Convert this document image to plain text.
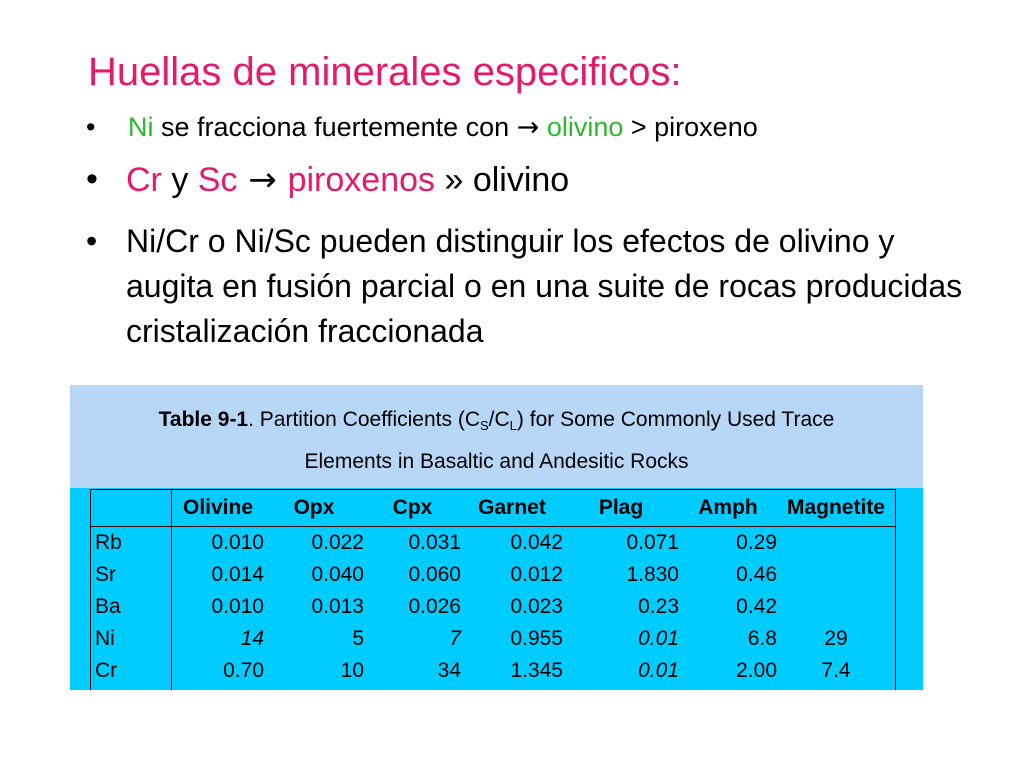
Huellas de minerales especificos:
• Ni se fracciona fuertemente con → olivino > piroxeno
• Cr y Sc → piroxenos » olivino
• Ni/Cr o Ni/Sc pueden distinguir los efectos de olivino y augita en fusión parcial o en una suite de rocas producidas cristalización fraccionada
Table 9-1. Partition Coefficients $(C_S/C_L)$ for Some Commonly Used Trace
Elements in Basaltic and Andesitic Rocks
	Olivine	Opx	Cpx	Garnet	Plag	Amph	Magnetite
Rb	0.010	0.022	0.031	0.042	0.071	0.29	
Sr	0.014	0.040	0.060	0.012	1.830	0.46	
Ba	0.010	0.013	0.026	0.023	0.23	0.42	
Ni	14	5	7	0.955	0.01	6.8	29
Cr	0.70	10	34	1.345	0.01	2.00	7.4
